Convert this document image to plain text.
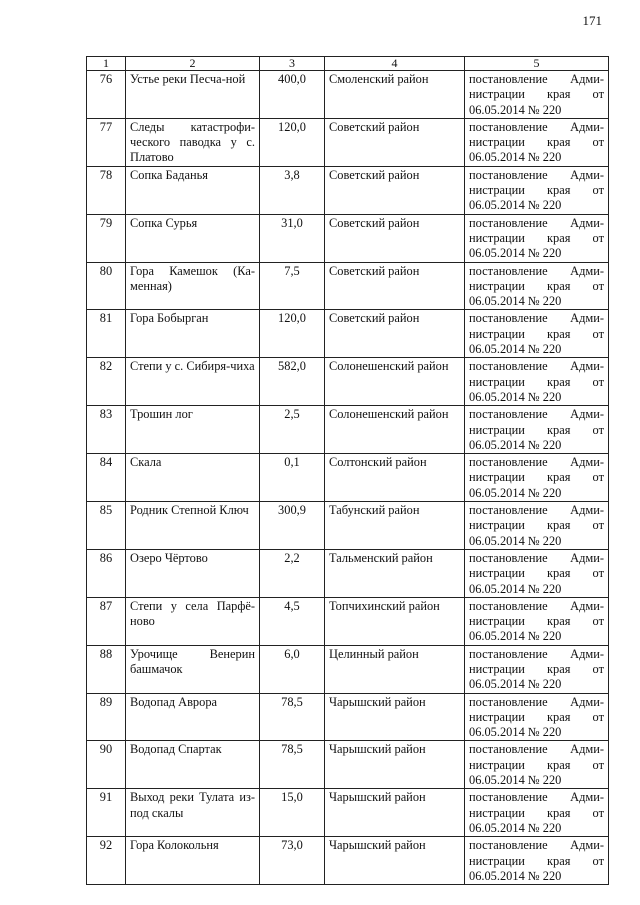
171
1	2	3	4	5
76	Устье реки Песча-ной	400,0	Смоленский район	постановление Адми-
нистрации края от
06.05.2014 № 220

77	Следы катастрофи-ческого паводка у с. Платово	120,0	Советский район	постановление Адми-
нистрации края от
06.05.2014 № 220

78	Сопка Баданья	3,8	Советский район	постановление Адми-
нистрации края от
06.05.2014 № 220

79	Сопка Сурья	31,0	Советский район	постановление Адми-
нистрации края от
06.05.2014 № 220

80	Гора Камешок (Ка-менная)	7,5	Советский район	постановление Адми-
нистрации края от
06.05.2014 № 220

81	Гора Бобырган	120,0	Советский район	постановление Адми-
нистрации края от
06.05.2014 № 220

82	Степи у с. Сибиря-чиха	582,0	Солонешенский район	постановление Адми-
нистрации края от
06.05.2014 № 220

83	Трошин лог	2,5	Солонешенский район	постановление Адми-
нистрации края от
06.05.2014 № 220

84	Скала	0,1	Солтонский район	постановление Адми-
нистрации края от
06.05.2014 № 220

85	Родник Степной Ключ	300,9	Табунский район	постановление Адми-
нистрации края от
06.05.2014 № 220

86	Озеро Чёртово	2,2	Тальменский район	постановление Адми-
нистрации края от
06.05.2014 № 220

87	Степи у села Парфё-ново	4,5	Топчихинский район	постановление Адми-
нистрации края от
06.05.2014 № 220

88	Урочище Венерин башмачок	6,0	Целинный район	постановление Адми-
нистрации края от
06.05.2014 № 220

89	Водопад Аврора	78,5	Чарышский район	постановление Адми-
нистрации края от
06.05.2014 № 220

90	Водопад Спартак	78,5	Чарышский район	постановление Адми-
нистрации края от
06.05.2014 № 220

91	Выход реки Тулата из-под скалы	15,0	Чарышский район	постановление Адми-
нистрации края от
06.05.2014 № 220

92	Гора Колокольня	73,0	Чарышский район	постановление Адми-
нистрации края от
06.05.2014 № 220
